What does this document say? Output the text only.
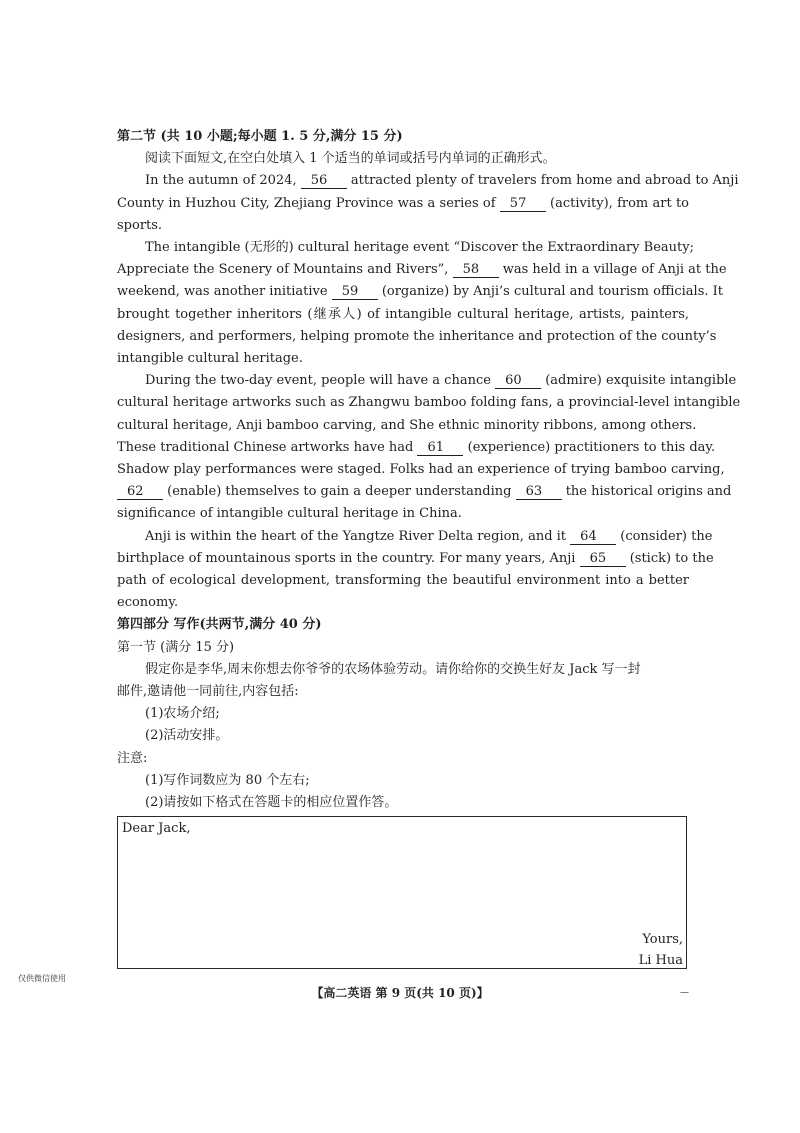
第二节 (共 10 小题;每小题 1. 5 分,满分 15 分)
阅读下面短文,在空白处填入 1 个适当的单词或括号内单词的正确形式。
In the autumn of 2024, 56 attracted plenty of travelers from home and abroad to Anji
County in Huzhou City, Zhejiang Province was a series of 57 (activity), from art to
sports.
The intangible (无形的) cultural heritage event “Discover the Extraordinary Beauty;
Appreciate the Scenery of Mountains and Rivers”, 58 was held in a village of Anji at the
weekend, was another initiative 59 (organize) by Anji’s cultural and tourism officials. It
brought together inheritors (继承人) of intangible cultural heritage, artists, painters,
designers, and performers, helping promote the inheritance and protection of the county’s
intangible cultural heritage.
During the two-day event, people will have a chance 60 (admire) exquisite intangible
cultural heritage artworks such as Zhangwu bamboo folding fans, a provincial-level intangible
cultural heritage, Anji bamboo carving, and She ethnic minority ribbons, among others.
These traditional Chinese artworks have had 61 (experience) practitioners to this day.
Shadow play performances were staged. Folks had an experience of trying bamboo carving,
62 (enable) themselves to gain a deeper understanding 63 the historical origins and
significance of intangible cultural heritage in China.
Anji is within the heart of the Yangtze River Delta region, and it 64 (consider) the
birthplace of mountainous sports in the country. For many years, Anji 65 (stick) to the
path of ecological development, transforming the beautiful environment into a better
economy.
第四部分 写作(共两节,满分 40 分)
第一节 (满分 15 分)
假定你是李华,周末你想去你爷爷的农场体验劳动。请你给你的交换生好友 Jack 写一封
邮件,邀请他一同前往,内容包括:
(1)农场介绍;
(2)活动安排。
注意:
(1)写作词数应为 80 个左右;
(2)请按如下格式在答题卡的相应位置作答。
Dear Jack,
Yours,
Li Hua
仅供微信使用
【高二英语 第 9 页(共 10 页)】	—
